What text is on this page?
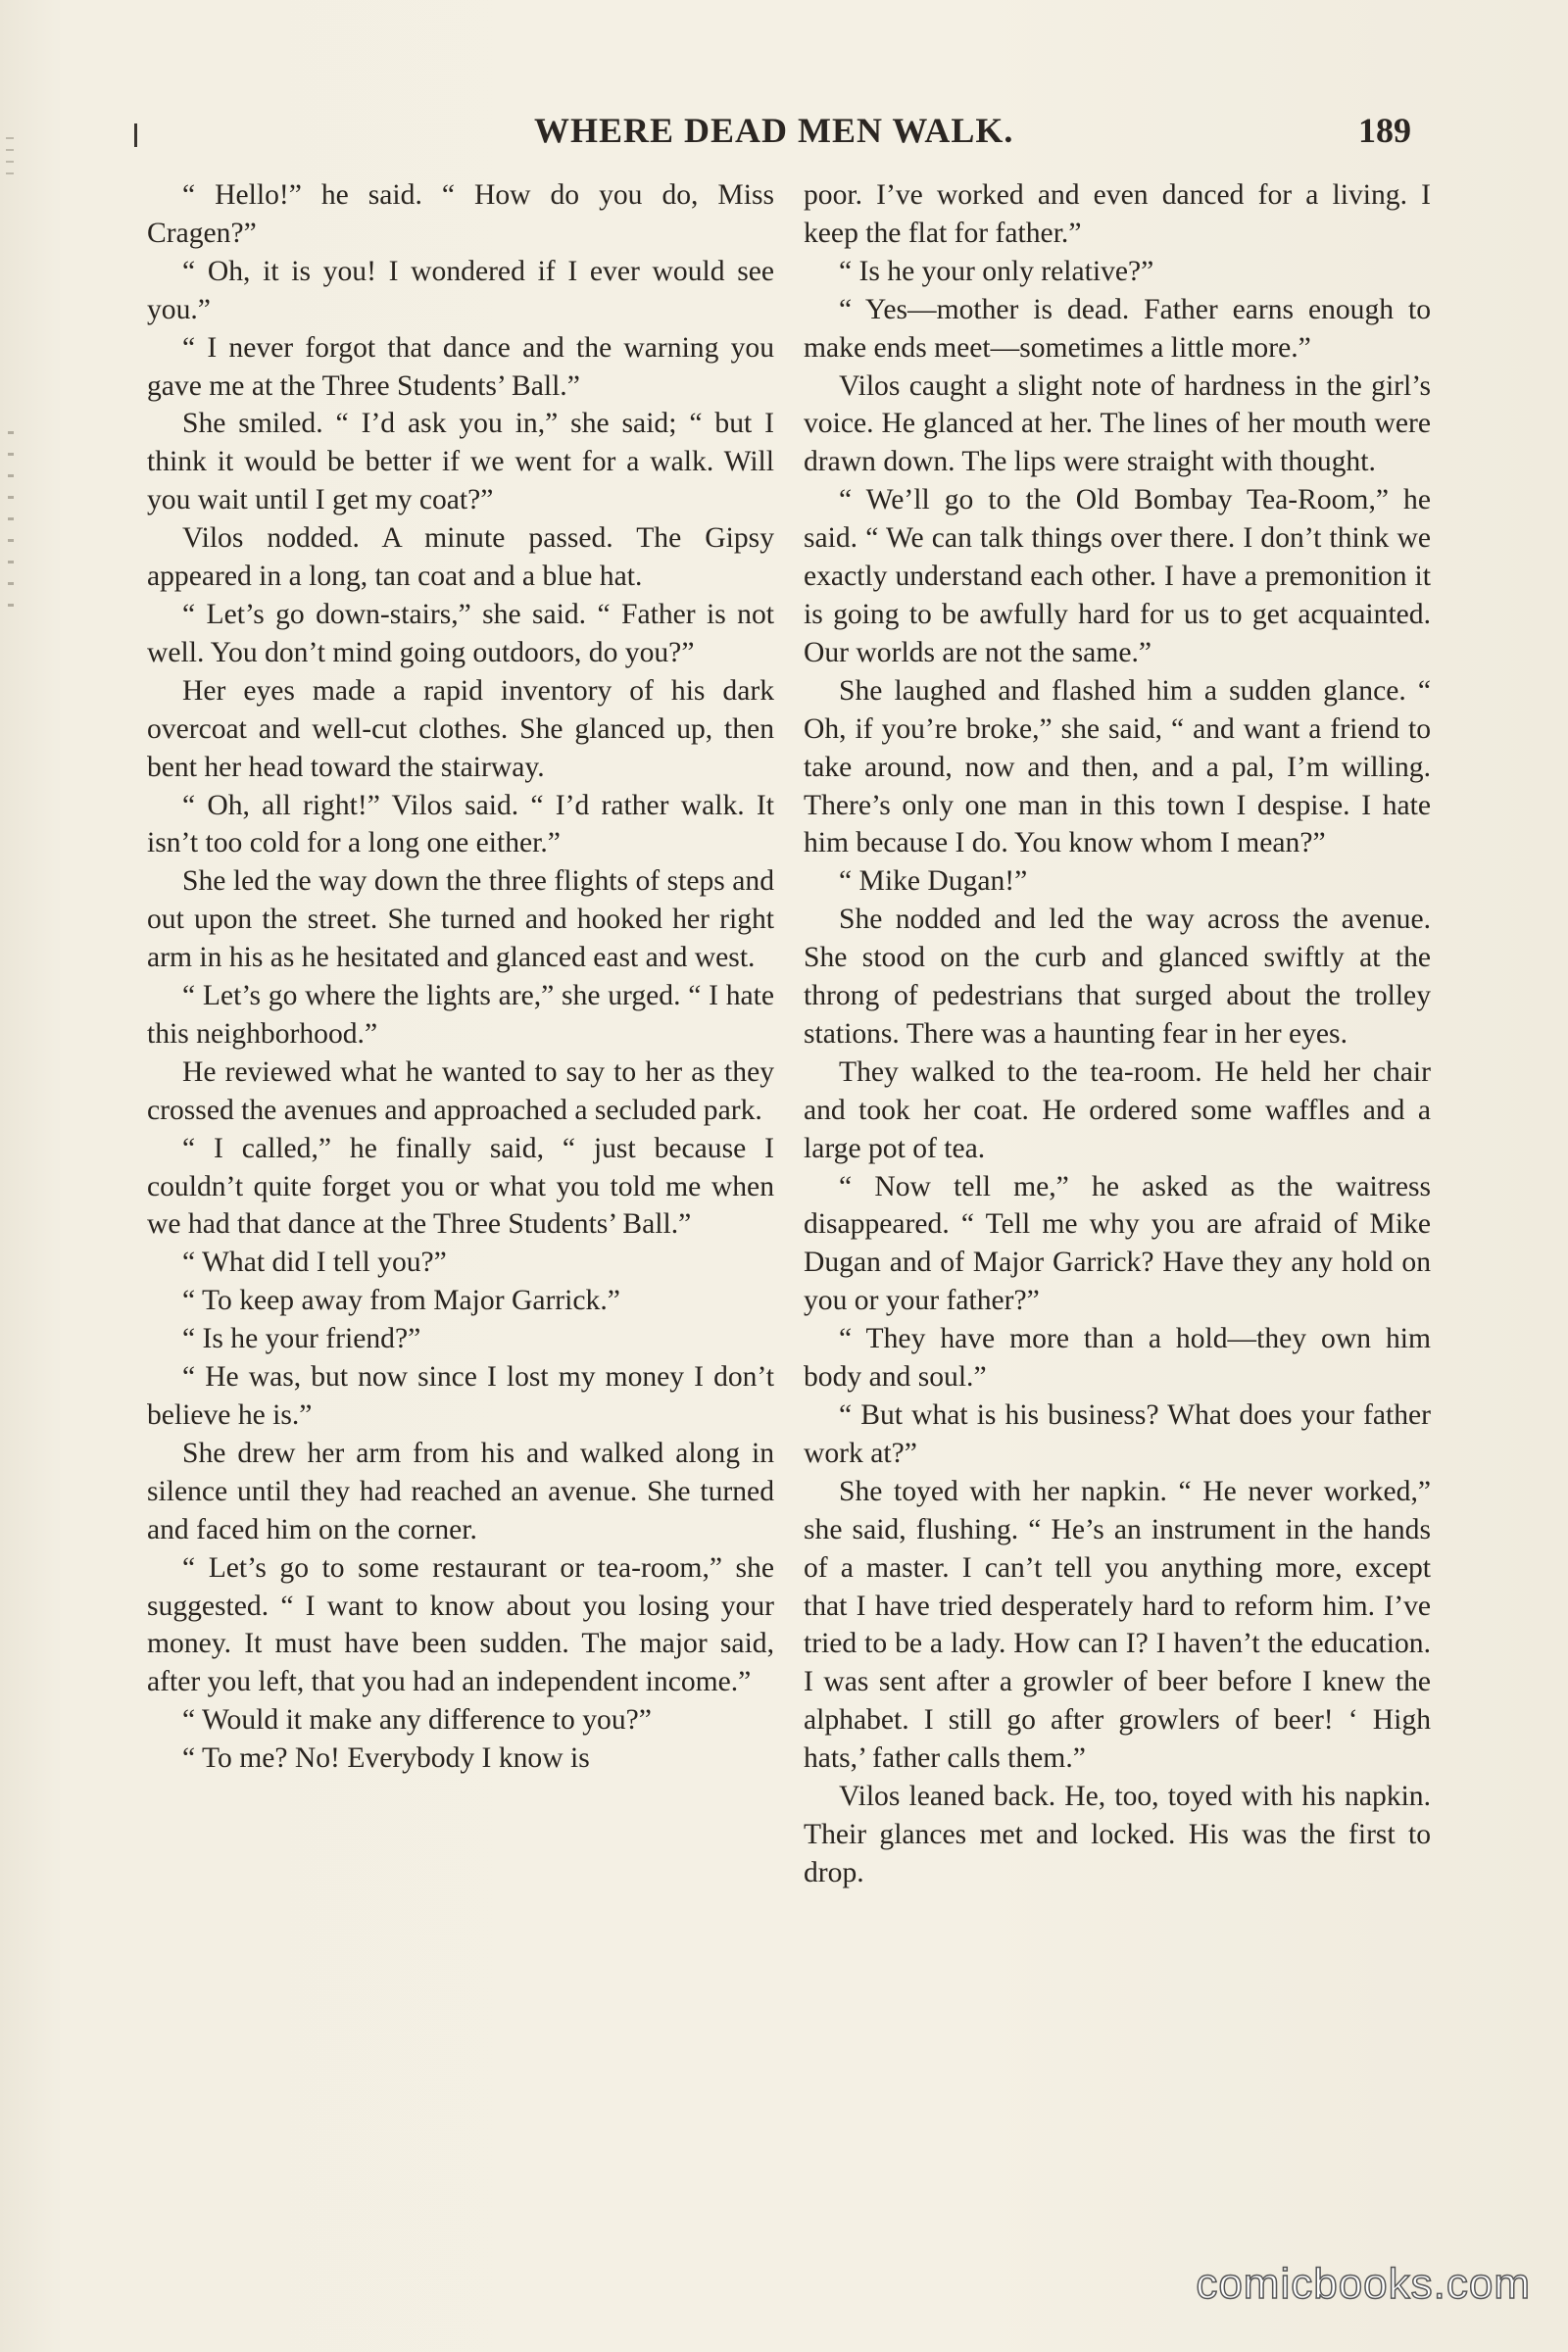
WHERE DEAD MEN WALK.	189

“ Hello!” he said. “ How do you do, Miss Cragen?”

“ Oh, it is you! I wondered if I ever would see you.”

“ I never forgot that dance and the warning you gave me at the Three Students’ Ball.”

She smiled. “ I’d ask you in,” she said; “ but I think it would be better if we went for a walk. Will you wait until I get my coat?”

Vilos nodded. A minute passed. The Gipsy appeared in a long, tan coat and a blue hat.

“ Let’s go down-stairs,” she said. “ Father is not well. You don’t mind going outdoors, do you?”

Her eyes made a rapid inventory of his dark overcoat and well-cut clothes. She glanced up, then bent her head toward the stairway.

“ Oh, all right!” Vilos said. “ I’d rather walk. It isn’t too cold for a long one either.”

She led the way down the three flights of steps and out upon the street. She turned and hooked her right arm in his as he hesitated and glanced east and west.

“ Let’s go where the lights are,” she urged. “ I hate this neighborhood.”

He reviewed what he wanted to say to her as they crossed the avenues and approached a secluded park.

“ I called,” he finally said, “ just because I couldn’t quite forget you or what you told me when we had that dance at the Three Students’ Ball.”

“ What did I tell you?”

“ To keep away from Major Garrick.”

“ Is he your friend?”

“ He was, but now since I lost my money I don’t believe he is.”

She drew her arm from his and walked along in silence until they had reached an avenue. She turned and faced him on the corner.

“ Let’s go to some restaurant or tea-room,” she suggested. “ I want to know about you losing your money. It must have been sudden. The major said, after you left, that you had an independent income.”

“ Would it make any difference to you?”

“ To me? No! Everybody I know is

poor. I’ve worked and even danced for a living. I keep the flat for father.”

“ Is he your only relative?”

“ Yes—mother is dead. Father earns enough to make ends meet—sometimes a little more.”

Vilos caught a slight note of hardness in the girl’s voice. He glanced at her. The lines of her mouth were drawn down. The lips were straight with thought.

“ We’ll go to the Old Bombay Tea-Room,” he said. “ We can talk things over there. I don’t think we exactly understand each other. I have a premonition it is going to be awfully hard for us to get acquainted. Our worlds are not the same.”

She laughed and flashed him a sudden glance. “ Oh, if you’re broke,” she said, “ and want a friend to take around, now and then, and a pal, I’m willing. There’s only one man in this town I despise. I hate him because I do. You know whom I mean?”

“ Mike Dugan!”

She nodded and led the way across the avenue. She stood on the curb and glanced swiftly at the throng of pedestrians that surged about the trolley stations. There was a haunting fear in her eyes.

They walked to the tea-room. He held her chair and took her coat. He ordered some waffles and a large pot of tea.

“ Now tell me,” he asked as the waitress disappeared. “ Tell me why you are afraid of Mike Dugan and of Major Garrick? Have they any hold on you or your father?”

“ They have more than a hold—they own him body and soul.”

“ But what is his business? What does your father work at?”

She toyed with her napkin. “ He never worked,” she said, flushing. “ He’s an instrument in the hands of a master. I can’t tell you anything more, except that I have tried desperately hard to reform him. I’ve tried to be a lady. How can I? I haven’t the education. I was sent after a growler of beer before I knew the alphabet. I still go after growlers of beer! ‘ High hats,’ father calls them.”

Vilos leaned back. He, too, toyed with his napkin. Their glances met and locked. His was the first to drop.

comicbooks.com
